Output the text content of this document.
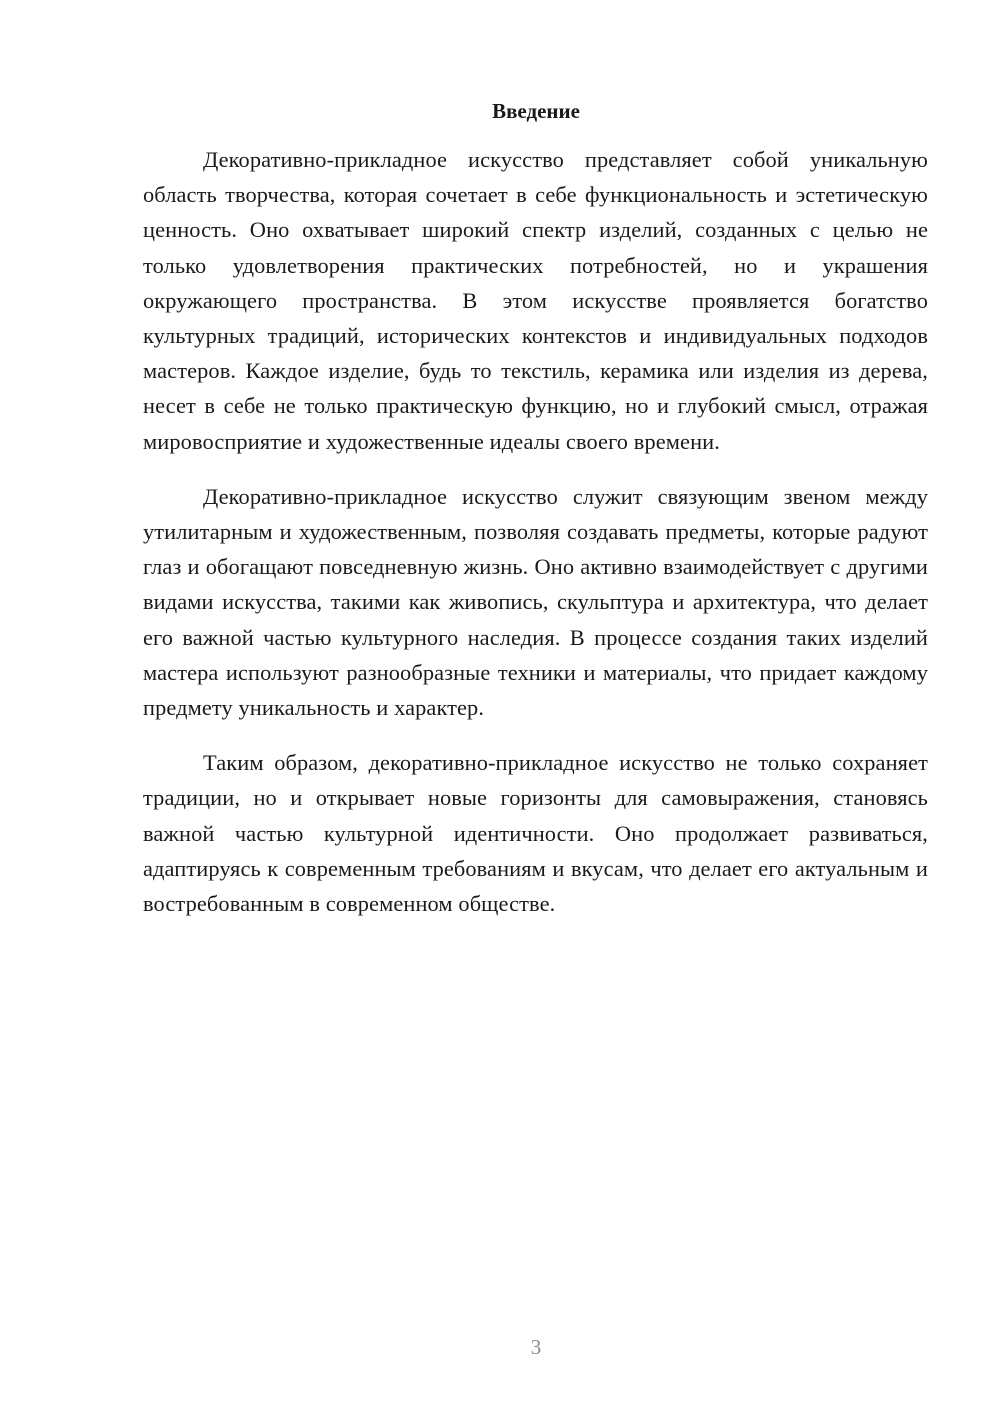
Введение

Декоративно-прикладное искусство представляет собой уникальную область творчества, которая сочетает в себе функциональность и эстетическую ценность. Оно охватывает широкий спектр изделий, созданных с целью не только удовлетворения практических потребностей, но и украшения окружающего пространства. В этом искусстве проявляется богатство культурных традиций, исторических контекстов и индивидуальных подходов мастеров. Каждое изделие, будь то текстиль, керамика или изделия из дерева, несет в себе не только практическую функцию, но и глубокий смысл, отражая мировосприятие и художественные идеалы своего времени.

Декоративно-прикладное искусство служит связующим звеном между утилитарным и художественным, позволяя создавать предметы, которые радуют глаз и обогащают повседневную жизнь. Оно активно взаимодействует с другими видами искусства, такими как живопись, скульптура и архитектура, что делает его важной частью культурного наследия. В процессе создания таких изделий мастера используют разнообразные техники и материалы, что придает каждому предмету уникальность и характер.

Таким образом, декоративно-прикладное искусство не только сохраняет традиции, но и открывает новые горизонты для самовыражения, становясь важной частью культурной идентичности. Оно продолжает развиваться, адаптируясь к современным требованиям и вкусам, что делает его актуальным и востребованным в современном обществе.

3
